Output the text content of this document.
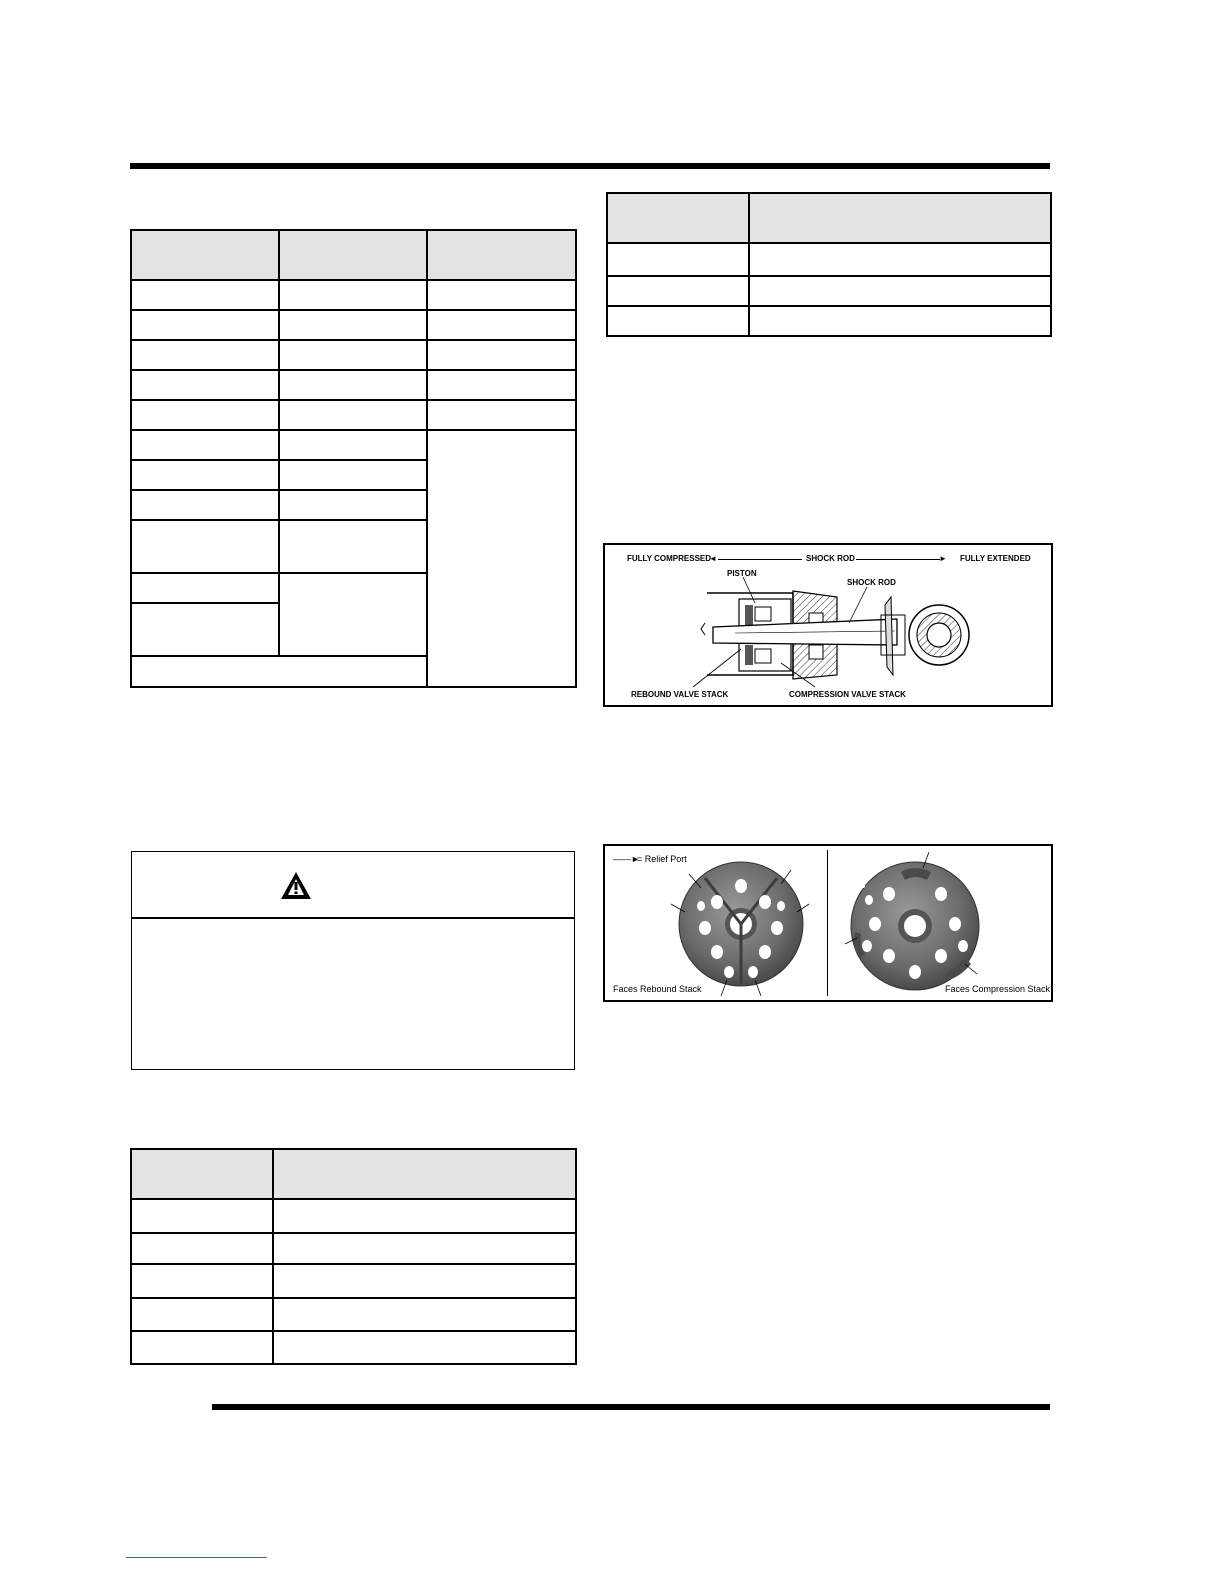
FULLY COMPRESSED
◄	SHOCK ROD	► FULLY EXTENDED
PISTON
SHOCK ROD
REBOUND VALVE STACK	COMPRESSION VALVE STACK
——►
= Relief Port
Faces Rebound Stack	Faces Compression Stack
